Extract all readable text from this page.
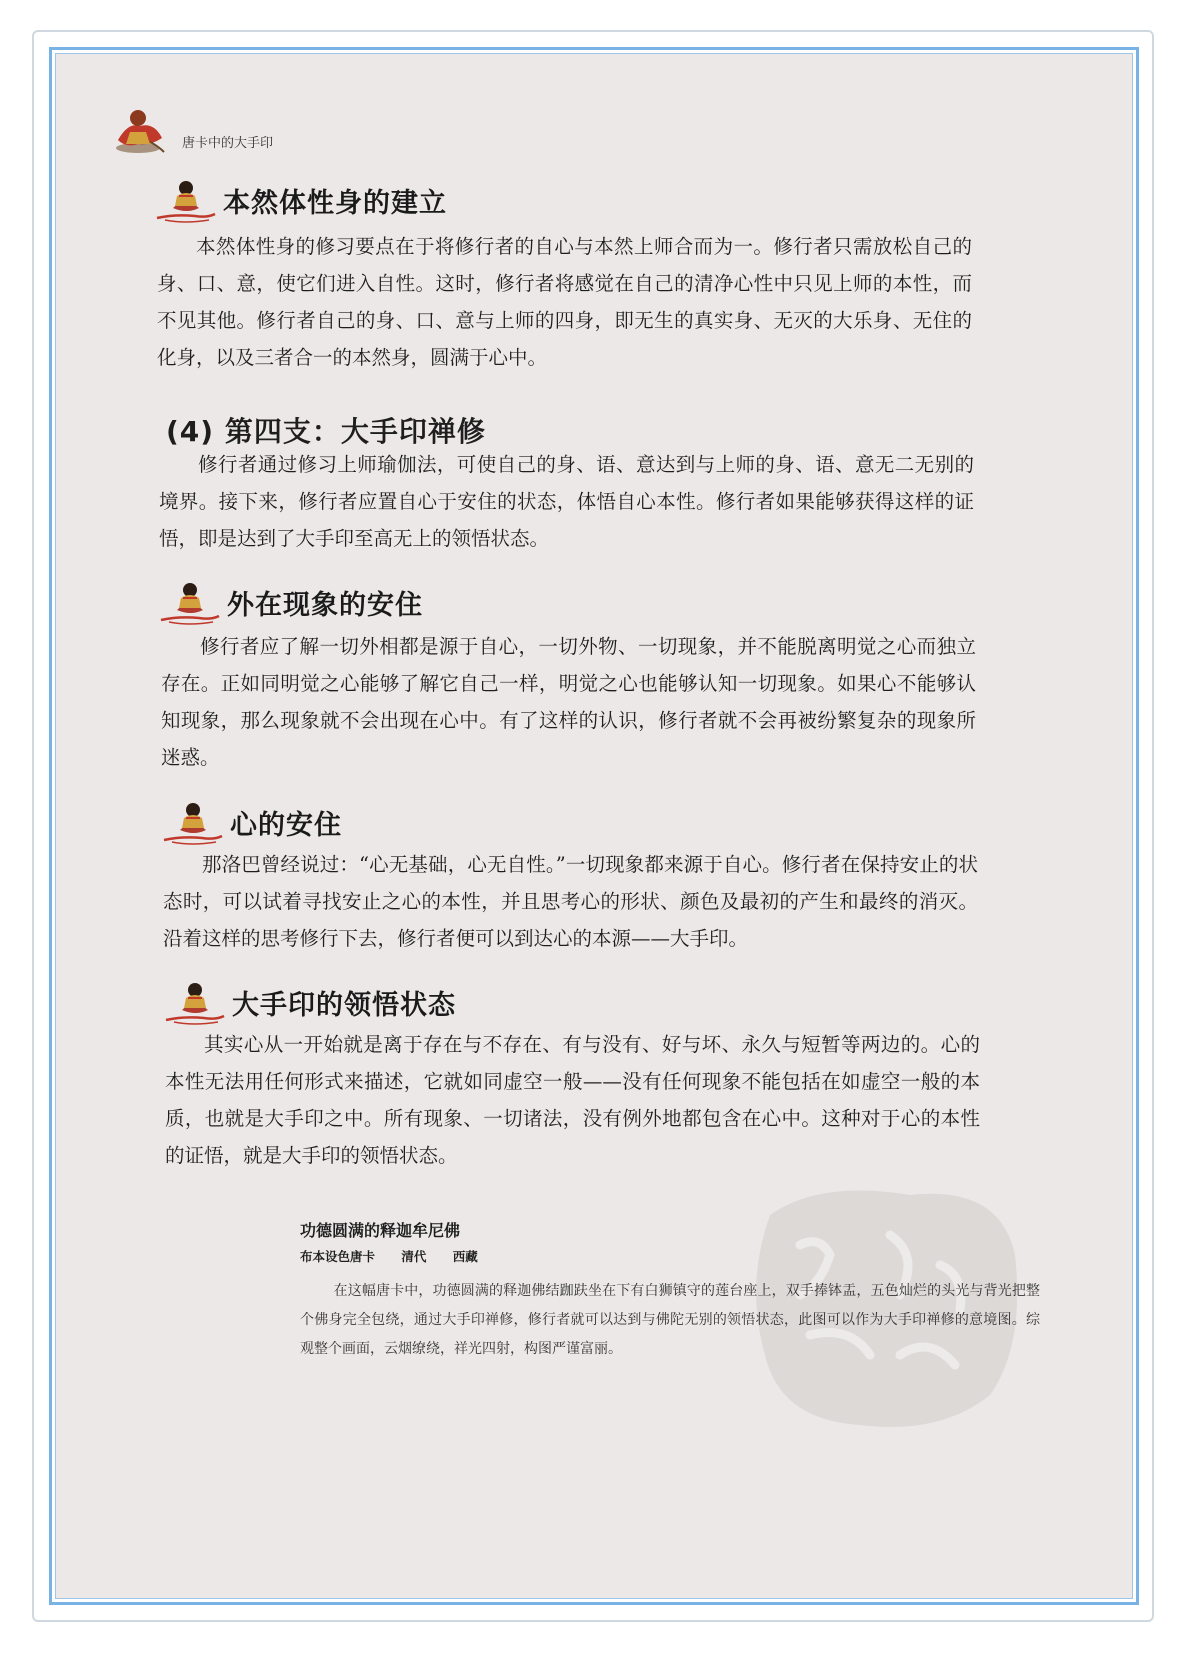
唐卡中的大手印
本然体性身的建立
本然体性身的修习要点在于将修行者的自心与本然上师合而为一。修行者只需放松自己的身、口、意，使它们进入自性。这时，修行者将感觉在自己的清净心性中只见上师的本性，而不见其他。修行者自己的身、口、意与上师的四身，即无生的真实身、无灭的大乐身、无住的化身，以及三者合一的本然身，圆满于心中。
(4) 第四支：大手印禅修
修行者通过修习上师瑜伽法，可使自己的身、语、意达到与上师的身、语、意无二无别的境界。接下来，修行者应置自心于安住的状态，体悟自心本性。修行者如果能够获得这样的证悟，即是达到了大手印至高无上的领悟状态。
外在现象的安住
修行者应了解一切外相都是源于自心，一切外物、一切现象，并不能脱离明觉之心而独立存在。正如同明觉之心能够了解它自己一样，明觉之心也能够认知一切现象。如果心不能够认知现象，那么现象就不会出现在心中。有了这样的认识，修行者就不会再被纷繁复杂的现象所迷惑。
心的安住
那洛巴曾经说过：“心无基础，心无自性。”一切现象都来源于自心。修行者在保持安止的状态时，可以试着寻找安止之心的本性，并且思考心的形状、颜色及最初的产生和最终的消灭。沿着这样的思考修行下去，修行者便可以到达心的本源——大手印。
大手印的领悟状态
其实心从一开始就是离于存在与不存在、有与没有、好与坏、永久与短暂等两边的。心的本性无法用任何形式来描述，它就如同虚空一般——没有任何现象不能包括在如虚空一般的本质，也就是大手印之中。所有现象、一切诸法，没有例外地都包含在心中。这种对于心的本性的证悟，就是大手印的领悟状态。
功德圆满的释迦牟尼佛
布本设色唐卡 清代 西藏
在这幅唐卡中，功德圆满的释迦佛结跏趺坐在下有白狮镇守的莲台座上，双手捧钵盂，五色灿烂的头光与背光把整个佛身完全包绕，通过大手印禅修，修行者就可以达到与佛陀无别的领悟状态，此图可以作为大手印禅修的意境图。综观整个画面，云烟缭绕，祥光四射，构图严谨富丽。
